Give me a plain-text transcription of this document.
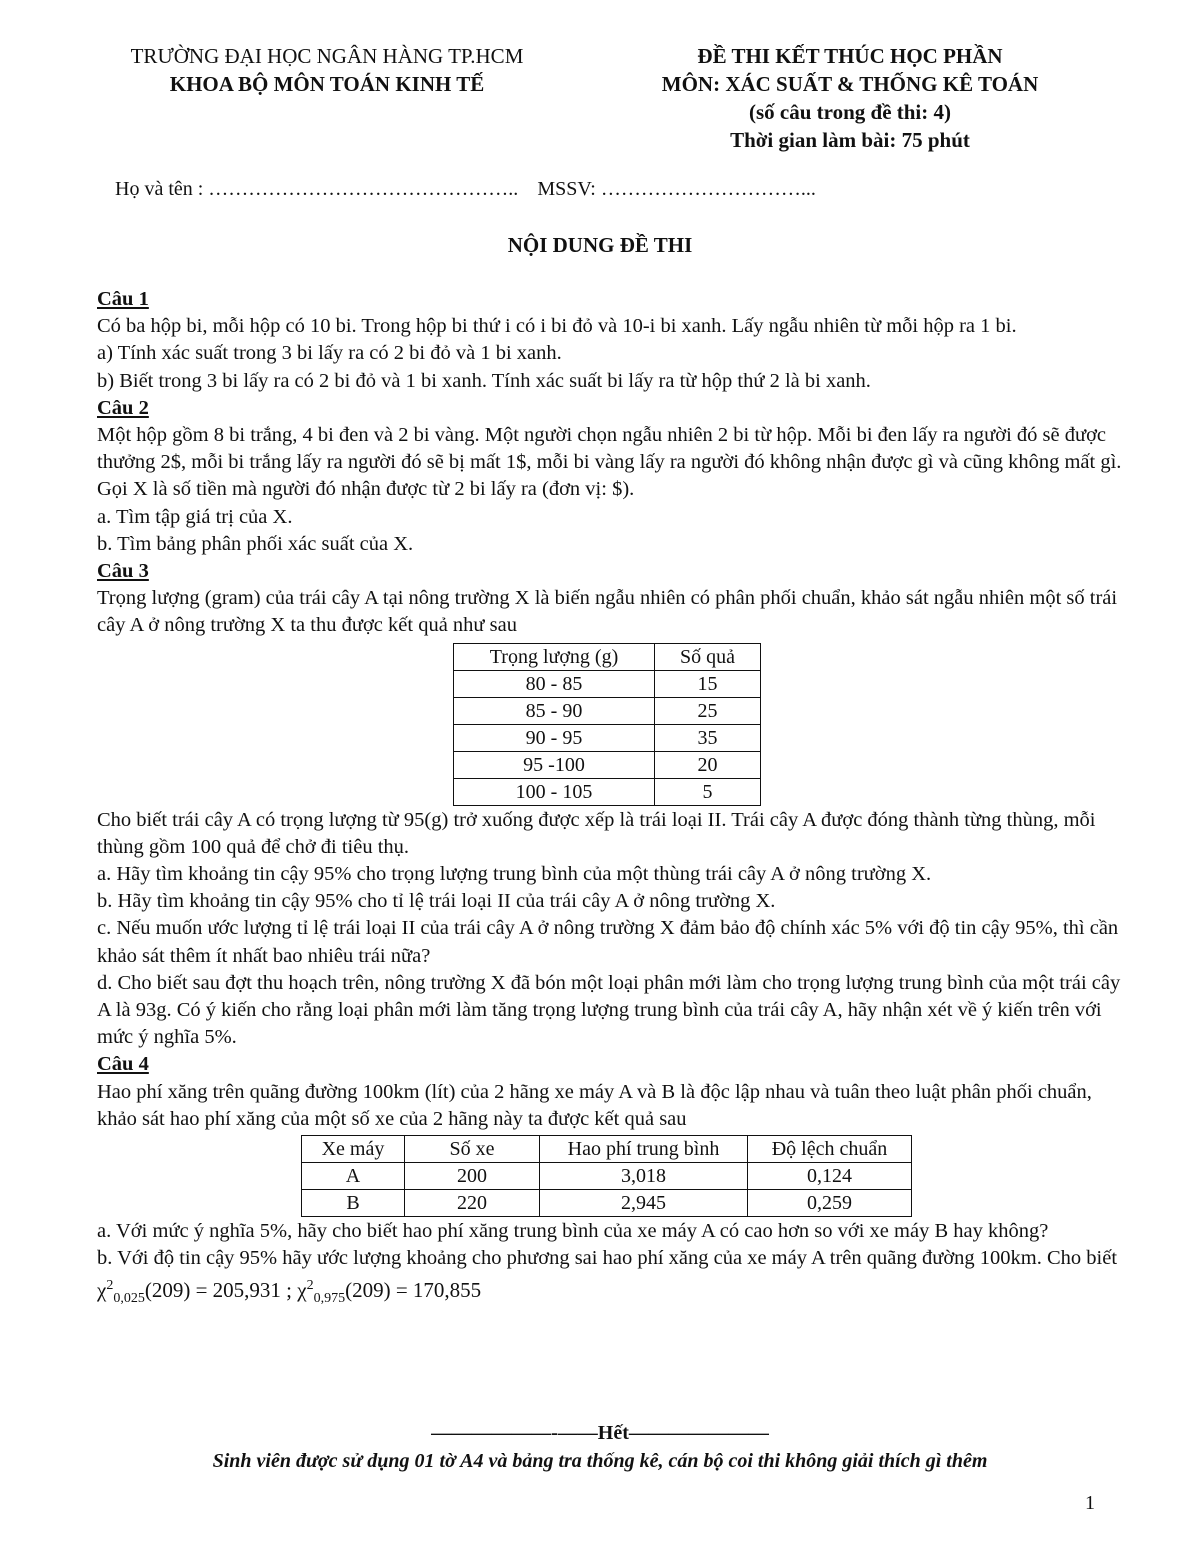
TRƯỜNG ĐẠI HỌC NGÂN HÀNG TP.HCM
KHOA BỘ MÔN TOÁN KINH TẾ
ĐỀ THI KẾT THÚC HỌC PHẦN
MÔN: XÁC SUẤT & THỐNG KÊ TOÁN
(số câu trong đề thi: 4)
Thời gian làm bài: 75 phút
Họ và tên : ……………………………………….. MSSV: …………………………...
NỘI DUNG ĐỀ THI

Câu 1

Có ba hộp bi, mỗi hộp có 10 bi. Trong hộp bi thứ i có i bi đỏ và 10-i bi xanh. Lấy ngẫu nhiên từ mỗi hộp ra 1 bi.

a) Tính xác suất trong 3 bi lấy ra có 2 bi đỏ và 1 bi xanh.

b) Biết trong 3 bi lấy ra có 2 bi đỏ và 1 bi xanh. Tính xác suất bi lấy ra từ hộp thứ 2 là bi xanh.

Câu 2

Một hộp gồm 8 bi trắng, 4 bi đen và 2 bi vàng. Một người chọn ngẫu nhiên 2 bi từ hộp. Mỗi bi đen lấy ra người đó sẽ được thưởng 2$, mỗi bi trắng lấy ra người đó sẽ bị mất 1$, mỗi bi vàng lấy ra người đó không nhận được gì và cũng không mất gì. Gọi X là số tiền mà người đó nhận được từ 2 bi lấy ra (đơn vị: $).

a. Tìm tập giá trị của X.

b. Tìm bảng phân phối xác suất của X.

Câu 3

Trọng lượng (gram) của trái cây A tại nông trường X là biến ngẫu nhiên có phân phối chuẩn, khảo sát ngẫu nhiên một số trái cây A ở nông trường X ta thu được kết quả như sau

Trọng lượng (g)	Số quả
80 - 85	15
85 - 90	25
90 - 95	35
95 -100	20
100 - 105	5

Cho biết trái cây A có trọng lượng từ 95(g) trở xuống được xếp là trái loại II. Trái cây A được đóng thành từng thùng, mỗi thùng gồm 100 quả để chở đi tiêu thụ.

a. Hãy tìm khoảng tin cậy 95% cho trọng lượng trung bình của một thùng trái cây A ở nông trường X.

b. Hãy tìm khoảng tin cậy 95% cho tỉ lệ trái loại II của trái cây A ở nông trường X.

c. Nếu muốn ước lượng tỉ lệ trái loại II của trái cây A ở nông trường X đảm bảo độ chính xác 5% với độ tin cậy 95%, thì cần khảo sát thêm ít nhất bao nhiêu trái nữa?

d. Cho biết sau đợt thu hoạch trên, nông trường X đã bón một loại phân mới làm cho trọng lượng trung bình của một trái cây A là 93g. Có ý kiến cho rằng loại phân mới làm tăng trọng lượng trung bình của trái cây A, hãy nhận xét về ý kiến trên với mức ý nghĩa 5%.

Câu 4

Hao phí xăng trên quãng đường 100km (lít) của 2 hãng xe máy A và B là độc lập nhau và tuân theo luật phân phối chuẩn, khảo sát hao phí xăng của một số xe của 2 hãng này ta được kết quả sau

Xe máy	Số xe	Hao phí trung bình	Độ lệch chuẩn
A	200	3,018	0,124
B	220	2,945	0,259

a. Với mức ý nghĩa 5%, hãy cho biết hao phí xăng trung bình của xe máy A có cao hơn so với xe máy B hay không?

b. Với độ tin cậy 95% hãy ước lượng khoảng cho phương sai hao phí xăng của xe máy A trên quãng đường 100km. Cho biết

$\chi^2_{0,025}(209) = 205,931$ ; $\chi^2_{0,975}(209) = 170,855$

——————-——Hết———————
Sinh viên được sử dụng 01 tờ A4 và bảng tra thống kê, cán bộ coi thi không giải thích gì thêm
1
